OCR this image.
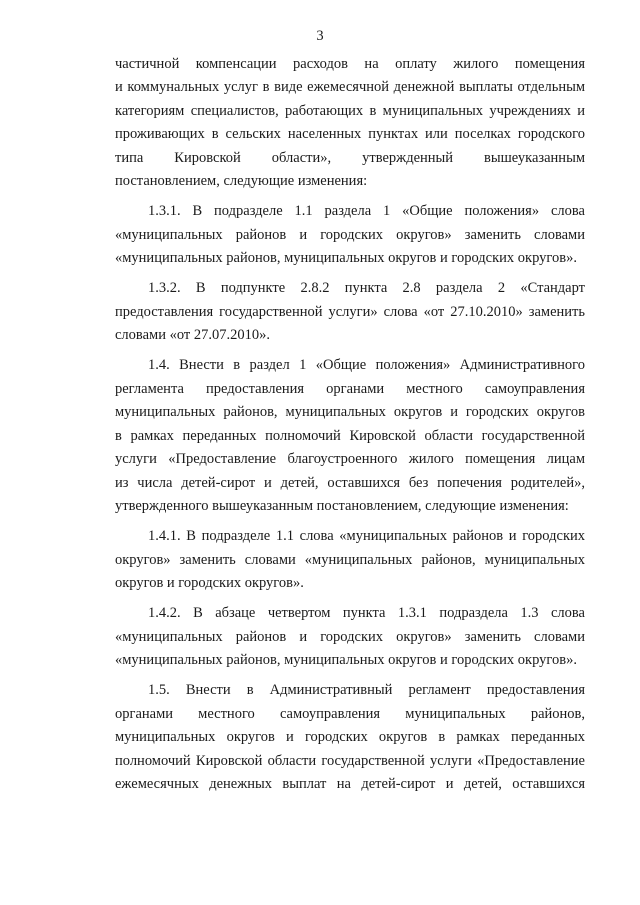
3
частичной компенсации расходов на оплату жилого помещения
и коммунальных услуг в виде ежемесячной денежной выплаты отдельным
категориям специалистов, работающих в муниципальных учреждениях и
проживающих в сельских населенных пунктах или поселках городского
типа Кировской области», утвержденный вышеуказанным
постановлением, следующие изменения:
1.3.1. В подразделе 1.1 раздела 1 «Общие положения» слова
«муниципальных районов и городских округов» заменить словами
«муниципальных районов, муниципальных округов и городских округов».
1.3.2. В подпункте 2.8.2 пункта 2.8 раздела 2 «Стандарт
предоставления государственной услуги» слова «от 27.10.2010» заменить
словами «от 27.07.2010».
1.4. Внести в раздел 1 «Общие положения» Административного
регламента предоставления органами местного самоуправления
муниципальных районов, муниципальных округов и городских округов
в рамках переданных полномочий Кировской области государственной
услуги «Предоставление благоустроенного жилого помещения лицам
из числа детей-сирот и детей, оставшихся без попечения родителей»,
утвержденного вышеуказанным постановлением, следующие изменения:
1.4.1. В подразделе 1.1 слова «муниципальных районов и городских
округов» заменить словами «муниципальных районов, муниципальных
округов и городских округов».
1.4.2. В абзаце четвертом пункта 1.3.1 подраздела 1.3 слова
«муниципальных районов и городских округов» заменить словами
«муниципальных районов, муниципальных округов и городских округов».
1.5. Внести в Административный регламент предоставления
органами местного самоуправления муниципальных районов,
муниципальных округов и городских округов в рамках переданных
полномочий Кировской области государственной услуги «Предоставление
ежемесячных денежных выплат на детей-сирот и детей, оставшихся
